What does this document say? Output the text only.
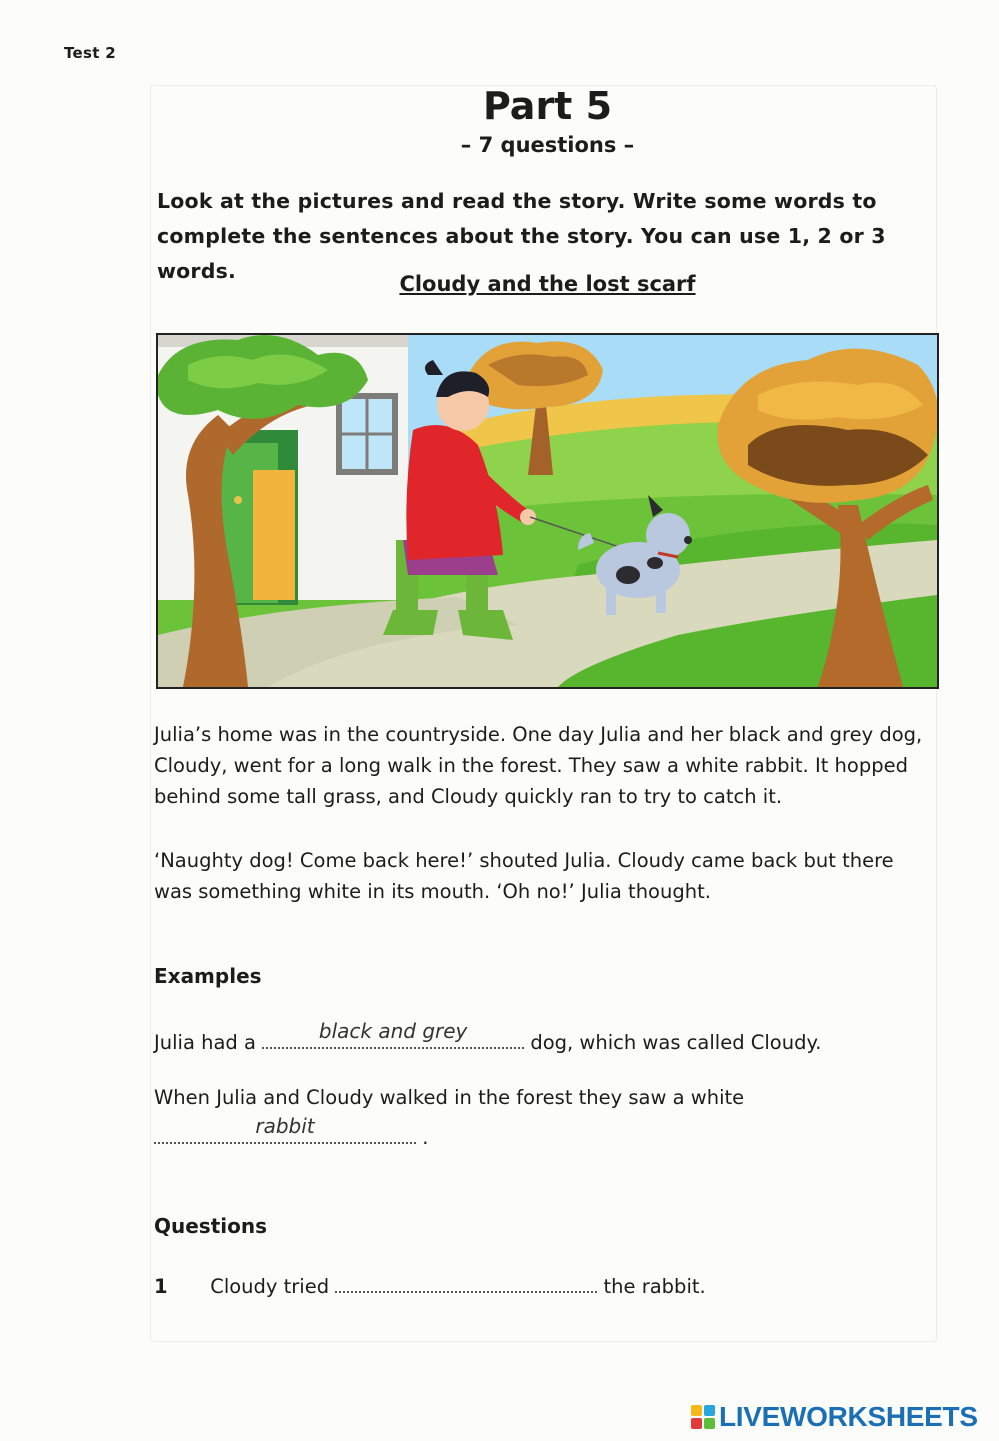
Test 2
Part 5
– 7 questions –
Look at the pictures and read the story. Write some words to complete the sentences about the story. You can use 1, 2 or 3 words.
Cloudy and the lost scarf

Julia’s home was in the countryside. One day Julia and her black and grey dog, Cloudy, went for a long walk in the forest. They saw a white rabbit. It hopped behind some tall grass, and Cloudy quickly ran to try to catch it.

‘Naughty dog! Come back here!’ shouted Julia. Cloudy came back but there was something white in its mouth. ‘Oh no!’ Julia thought.

Examples
Julia had a	black and grey	dog, which was called Cloudy.
When Julia and Cloudy walked in the forest they saw a white
rabbit	.
Questions
1 Cloudy tried	the rabbit.
LIVEWORKSHEETS
